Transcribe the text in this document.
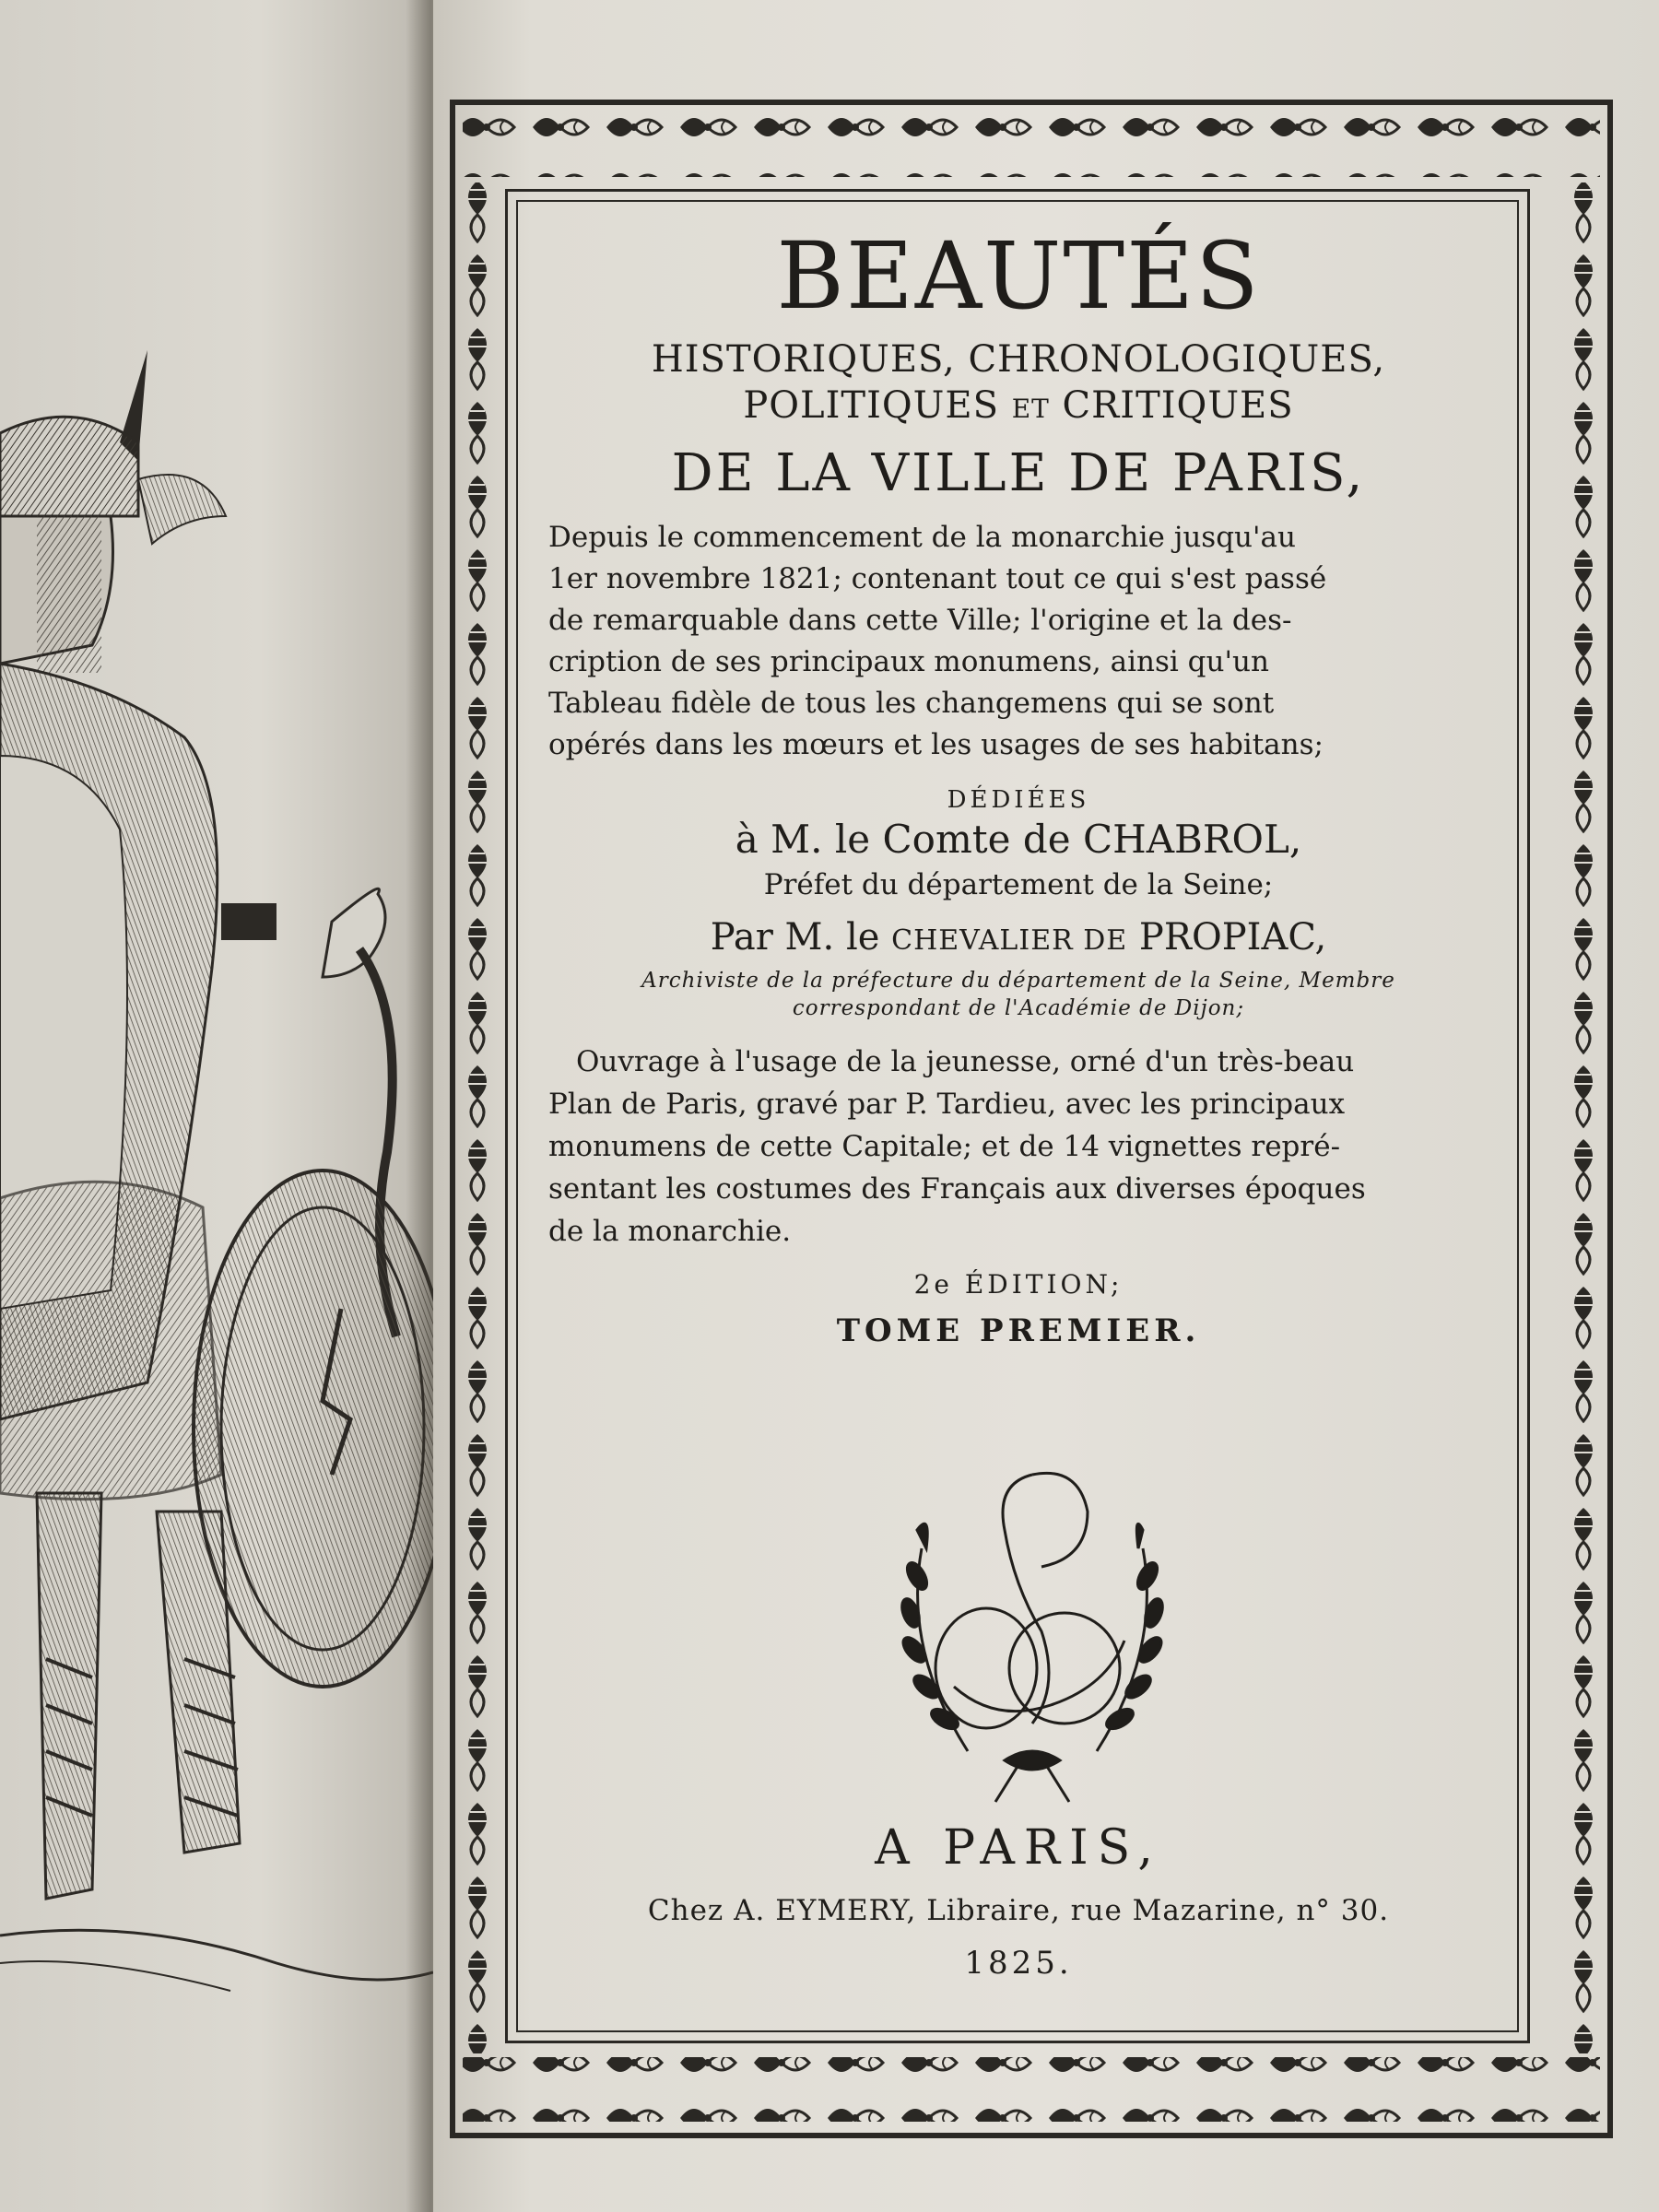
BEAUTÉS
HISTORIQUES, CHRONOLOGIQUES,
POLITIQUES ET CRITIQUES
DE LA VILLE DE PARIS,

Depuis le commencement de la monarchie jusqu'au

1er novembre 1821; contenant tout ce qui s'est passé

de remarquable dans cette Ville; l'origine et la des-

cription de ses principaux monumens, ainsi qu'un

Tableau fidèle de tous les changemens qui se sont

opérés dans les mœurs et les usages de ses habitans;

DÉDIÉES
à M. le Comte de CHABROL,
Préfet du département de la Seine;
Par M. le CHEVALIER DE PROPIAC,
Archiviste de la préfecture du département de la Seine, Membre
correspondant de l'Académie de Dijon;
Ouvrage à l'usage de la jeunesse, orné d'un très-beau
Plan de Paris, gravé par P. Tardieu, avec les principaux
monumens de cette Capitale; et de 14 vignettes repré-
sentant les costumes des Français aux diverses époques
de la monarchie.
2e ÉDITION;
TOME PREMIER.
A PARIS,
Chez A. EYMERY, Libraire, rue Mazarine, n° 30.
1825.
